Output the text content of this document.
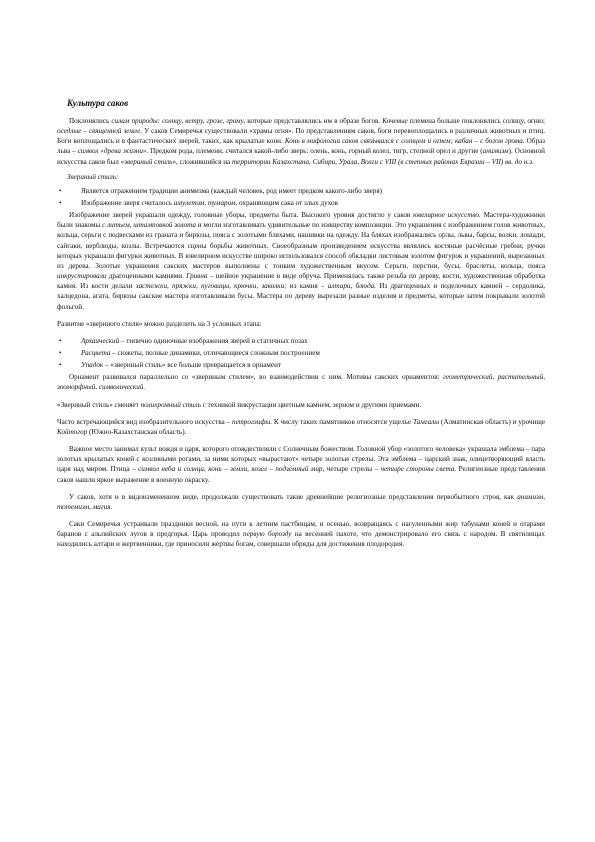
Культура саков

Поклонялись силам природы: солнцу, ветру, грозе, грому, которые представлялись им в образе богов. Кочевые племена больше поклонялись солнцу, огню; оседлые – священной земле. У саков Семиречья существовали «храмы огня». По представлениям саков, боги перевоплощались в различных животных и птиц. Боги воплощались и в фантастических зверей, таких, как крылатые кони. Конь в мифологии саков связывался с солнцем и огнем; кабан – с богом грома. Образ льва – символ «древа жизни». Предком рода, племени, считался какой-либо зверь: олень, конь, горный козел, тигр, степной орел и другие (анимизм). Основной искусства саков был «звериный стиль», сложившийся на территории Казахстана, Сибири, Урала, Волги с VIII (в степных районах Евразии – VII) вв. до н.э.

Звериный стиль:
•	Является отражением традиции анимизма (каждый человек, род имеет предком какого-либо зверя)
•	Изображение зверя считалось амулетом, тумаром, охраняющим сака от злых духов

Изображение зверей украшали одежду, головные уборы, предметы быта. Высокого уровня достигло у саков ювелирное искусство. Мастера-художники были знакомы с литьем, штамповкой золота и могли изготавливать удивительные по изяществу композиции. Это украшения с изображением голов животных, кольца, серьги с подвесками из граната и бирюзы, пояса с золотыми бляхами, нашивки на одежду. На бляхах изображались орлы, львы, барсы, волки, лошади, сайгаки, верблюды, козлы. Встречаются сцены борьбы животных. Своеобразным произведением искусства являлись костяные расчёсные гребни, ручки которых украшали фигурки животных. В ювелирном искусстве широко использовался способ обкладки листовым золотом фигурок и украшений, вырезанных из дерева. Золотые украшения сакских мастеров выполнены с тонким художественным вкусом. Серьги, перстни, бусы, браслеты, кольца, пояса инкрустировали драгоценными камнями. Гривна – шейное украшение в виде обруча. Применялась также резьба по дереву, кости, художественная обработка камня. Из кости делали застежки, пряжки, пуговицы, крючки, заколки; из камня – алтари, блюда. Из драгоценных и поделочных камней – сердолика, халцедона, агата, бирюзы сакские мастера изготавливали бусы. Мастера по дереву вырезали разные изделия и предметы, которые затем покрывали золотой фольгой.

Развитие «звериного стиля» можно разделить на 3 условных этапа:

•	Архаический – типично одиночные изображения зверей в статичных позах
•	Расцвета – сюжеты, полные динамики, отличающиеся сложным построением
•	Упадок – «звериный стиль» все больше превращается в орнамент

Орнамент развивался параллельно со «звериным стилем», во взаимодействии с ним. Мотивы сакских орнаментов: геометрический, растительный, зооморфный, символический.

«Звериный стиль» сменяет полихромный стиль с техникой инкрустации цветным камнем, зерном и другими приемами.

Часто встречающийся вид изобразительного искусства – петроглифы. К числу таких памятников относятся ущелье Тамгалы (Алматинская область) и урочище Койтогор (Южно-Казахстанская область).

Важное место занимал культ вождя и царя, которого отождествляли с Солнечным божеством. Головной убор «золотого человека» украшала эмблема – пара золотых крылатых коней с козлиными рогами, за ними которых «вырастают» четыре золотые стрелы. Эта эмблема – царский знак, олицетворяющий власть царя над миром. Птица – символ неба и солнца, конь – земли, козел – подземный мир, четыре стрелы – четыре стороны света. Религиозные представления саков нашли яркое выражение в военную окраску.

У саков, хотя и в видоизмененном виде, продолжали существовать такие древнейшие религиозные представления первобытного строя, как анимизм, тотемизм, магия.

Саки Семиречья устраивали праздники весной, на пути к летним пастбищам, и осенью, возвращаясь с нагуленными жир табунами коней и отарами баранов с альпийских лугов в предгорья. Царь проводил первую борозду на весенней пахоте, что демонстрировало его связь с народом. В святилищах находились алтари и жертвенники, где приносили жертвы богам, совершали обряды для достижения плодородия.
